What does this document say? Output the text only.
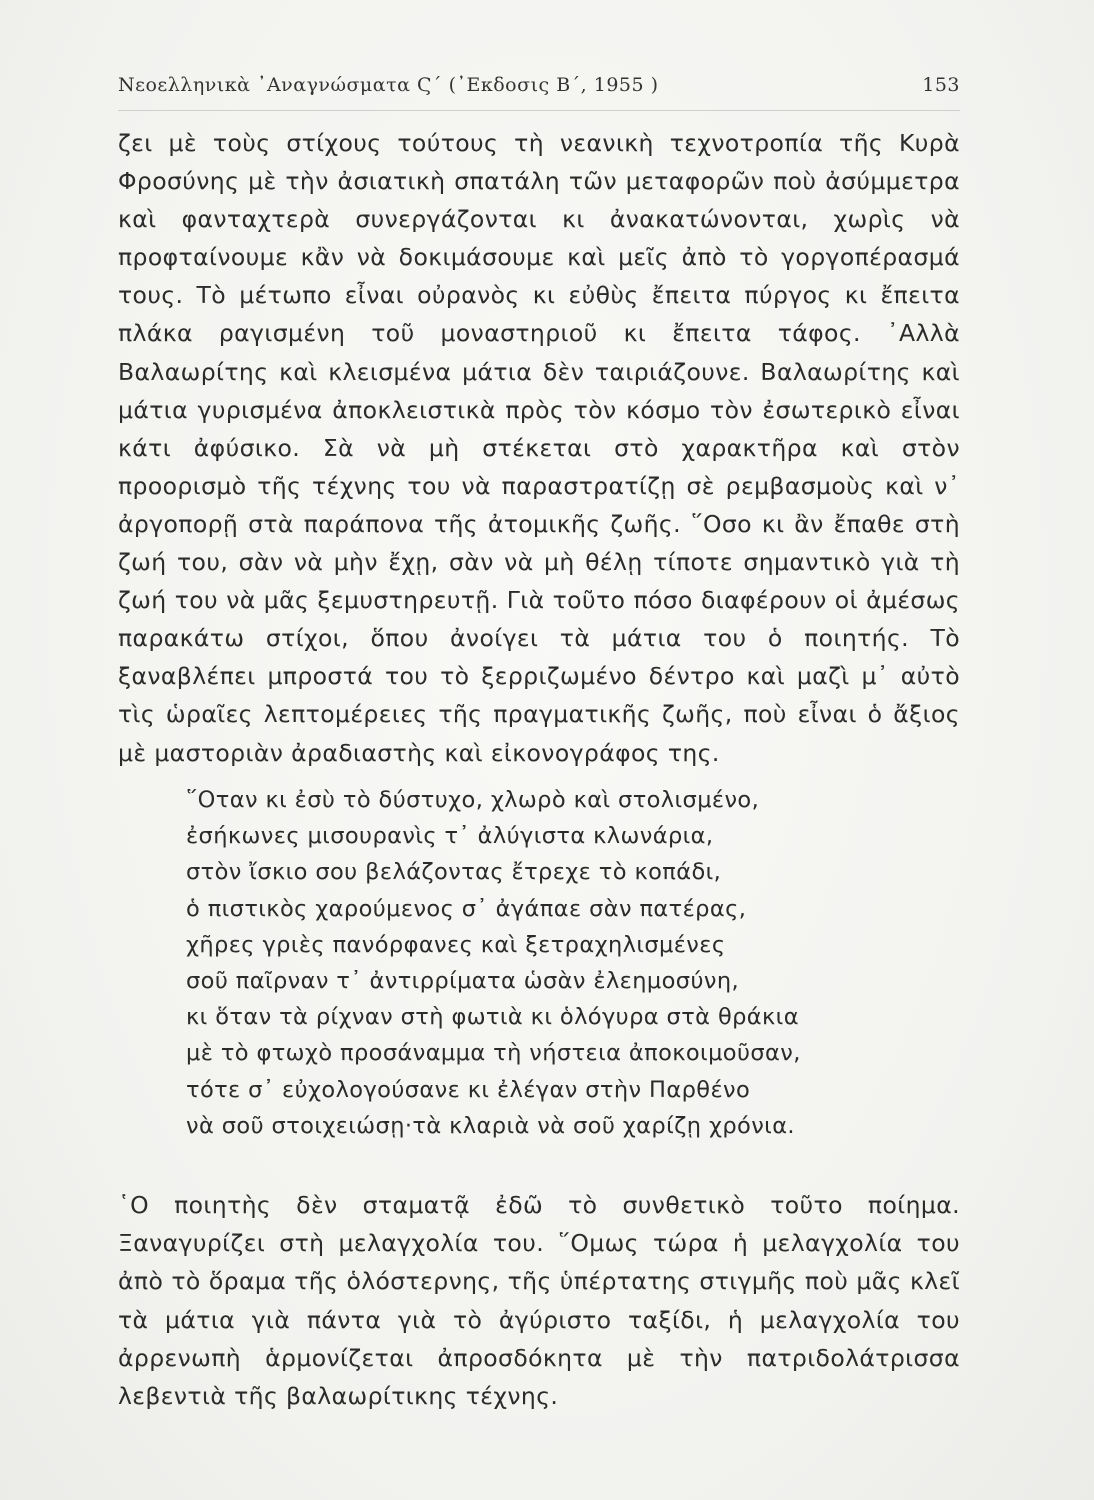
Νεοελληνικὰ ᾿Αναγνώσματα Ϛ΄ (᾿Εκδοσις Β΄, 1955 )	153

ζει μὲ τοὺς στίχους τούτους τὴ νεανικὴ τεχνοτροπία τῆς Κυρὰ Φροσύνης μὲ τὴν ἀσιατικὴ σπατάλη τῶν μεταφορῶν ποὺ ἀσύμμετρα καὶ φανταχτερὰ συνεργάζονται κι ἀνακατώνονται, χωρὶς νὰ προφταίνουμε κἂν νὰ δοκιμάσουμε καὶ μεῖς ἀπὸ τὸ γοργοπέρασμά τους. Τὸ μέτωπο εἶναι οὐρανὸς κι εὐθὺς ἔπειτα πύργος κι ἔπειτα πλάκα ραγισμένη τοῦ μοναστηριοῦ κι ἔπειτα τάφος. ᾿Αλλὰ Βαλαωρίτης καὶ κλεισμένα μάτια δὲν ταιριάζουνε. Βαλαωρίτης καὶ μάτια γυρισμένα ἀποκλειστικὰ πρὸς τὸν κόσμο τὸν ἐσωτερικὸ εἶναι κάτι ἀφύσικο. Σὰ νὰ μὴ στέκεται στὸ χαρακτῆρα καὶ στὸν προορισμὸ τῆς τέχνης του νὰ παραστρατίζῃ σὲ ρεμβασμοὺς καὶ ν᾿ ἀργοπορῇ στὰ παράπονα τῆς ἀτομικῆς ζωῆς. ῞Οσο κι ἂν ἔπαθε στὴ ζωή του, σὰν νὰ μὴν ἔχῃ, σὰν νὰ μὴ θέλῃ τίποτε σημαντικὸ γιὰ τὴ ζωή του νὰ μᾶς ξεμυστηρευτῇ. Γιὰ τοῦτο πόσο διαφέρουν οἱ ἀμέσως παρακάτω στίχοι, ὅπου ἀνοίγει τὰ μάτια του ὁ ποιητής. Τὸ ξαναβλέπει μπροστά του τὸ ξερριζωμένο δέντρο καὶ μαζὶ μ᾿ αὐτὸ τὶς ὡραῖες λεπτομέρειες τῆς πραγματικῆς ζωῆς, ποὺ εἶναι ὁ ἄξιος μὲ μαστοριὰν ἀραδιαστὴς καὶ εἰκονογράφος της.

῞Οταν κι ἐσὺ τὸ δύστυχο, χλωρὸ καὶ στολισμένο,
ἐσήκωνες μισουρανὶς τ᾿ ἀλύγιστα κλωνάρια,
στὸν ἴσκιο σου βελάζοντας ἔτρεχε τὸ κοπάδι,
ὁ πιστικὸς χαρούμενος σ᾿ ἀγάπαε σὰν πατέρας,
χῆρες γριὲς πανόρφανες καὶ ξετραχηλισμένες
σοῦ παῖρναν τ᾿ ἀντιρρίματα ὡσὰν ἐλεημοσύνη,
κι ὅταν τὰ ρίχναν στὴ φωτιὰ κι ὁλόγυρα στὰ θράκια
μὲ τὸ φτωχὸ προσάναμμα τὴ νήστεια ἀποκοιμοῦσαν,
τότε σ᾿ εὐχολογούσανε κι ἐλέγαν στὴν Παρθένο
νὰ σοῦ στοιχειώσῃ·τὰ κλαριὰ νὰ σοῦ χαρίζῃ χρόνια.

῾Ο ποιητὴς δὲν σταματᾷ ἐδῶ τὸ συνθετικὸ τοῦτο ποίημα. Ξαναγυρίζει στὴ μελαγχολία του. ῞Ομως τώρα ἡ μελαγχολία του ἀπὸ τὸ ὅραμα τῆς ὁλόστερνης, τῆς ὑπέρτατης στιγμῆς ποὺ μᾶς κλεῖ τὰ μάτια γιὰ πάντα γιὰ τὸ ἀγύριστο ταξίδι, ἡ μελαγχολία του ἀρρενωπὴ ἁρμονίζεται ἀπροσδόκητα μὲ τὴν πατριδολάτρισσα λεβεντιὰ τῆς βαλαωρίτικης τέχνης.
